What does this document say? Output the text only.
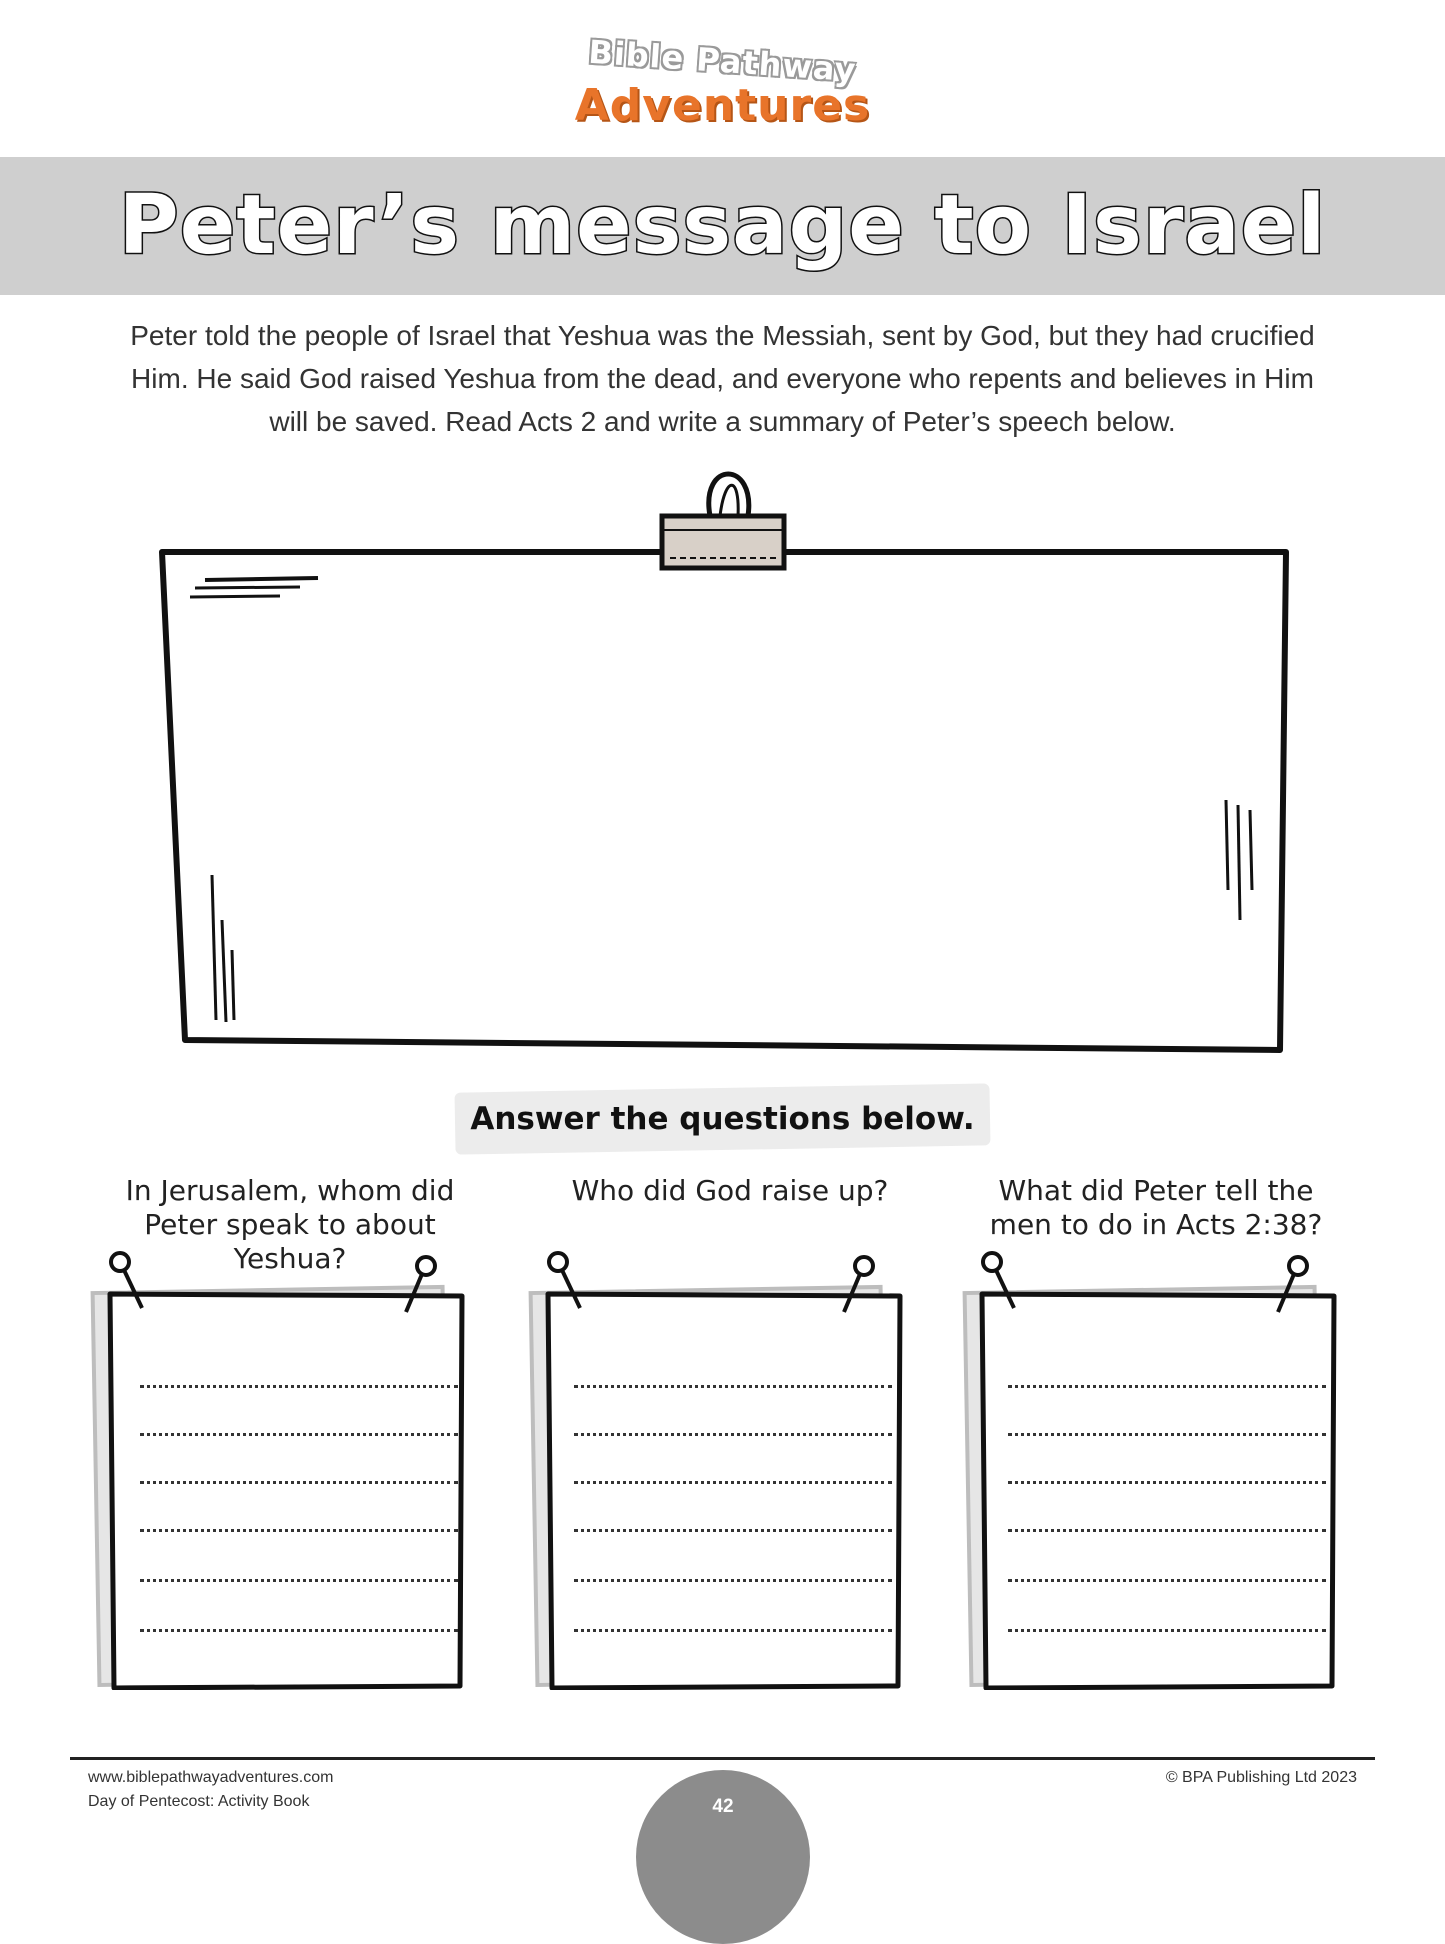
Bible Pathway
Adventures
Peter’s message to Israel
Peter told the people of Israel that Yeshua was the Messiah, sent by God, but they had crucified Him. He said God raised Yeshua from the dead, and everyone who repents and believes in Him will be saved. Read Acts 2 and write a summary of Peter’s speech below.
Answer the questions below.
In Jerusalem, whom did Peter speak to about Yeshua?
Who did God raise up?	What did Peter tell the men to do in Acts 2:38?
www.biblepathwayadventures.com
Day of Pentecost: Activity Book
© BPA Publishing Ltd 2023
42
